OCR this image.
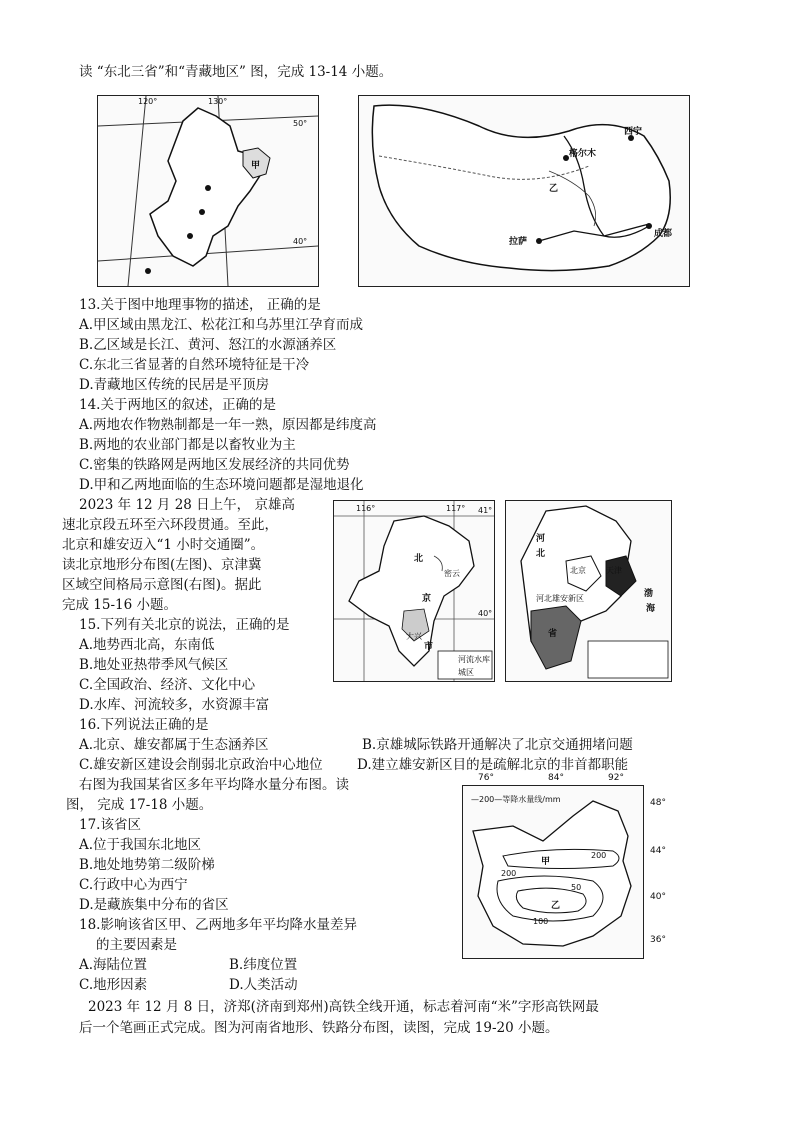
读 “东北三省”和“青藏地区” 图，完成 13-14 小题。
120°	130°
50°
40°
甲
格尔木
拉萨
成都
乙
西宁
13.关于图中地理事物的描述， 正确的是
A.甲区域由黑龙江、松花江和乌苏里江孕育而成
B.乙区域是长江、黄河、怒江的水源涵养区
C.东北三省显著的自然环境特征是干冷
D.青藏地区传统的民居是平顶房
14.关于两地区的叙述，正确的是
A.两地农作物熟制都是一年一熟，原因都是纬度高
B.两地的农业部门都是以畜牧业为主
C.密集的铁路网是两地区发展经济的共同优势
D.甲和乙两地面临的生态环境问题都是湿地退化
2023 年 12 月 28 日上午， 京雄高
速北京段五环至六环段贯通。至此，
北京和雄安迈入“1 小时交通圈”。
读北京地形分布图(左图)、京津冀
区域空间格局示意图(右图)。据此
完成 15-16 小题。
116°	117° 41°
40°
北
京
市
密云
大兴
河流水库
城区
河
北
北京	天津
渤
海
河北雄安新区
省
15.下列有关北京的说法，正确的是
A.地势西北高，东南低
B.地处亚热带季风气候区
C.全国政治、经济、文化中心
D.水库、河流较多，水资源丰富
16.下列说法正确的是
A.北京、雄安都属于生态涵养区	B.京雄城际铁路开通解决了北京交通拥堵问题
C.雄安新区建设会削弱北京政治中心地位	D.建立雄安新区目的是疏解北京的非首都职能
右图为我国某省区多年平均降水量分布图。读
图， 完成 17-18 小题。	—200—等降水量线/mm
甲
乙
200
50
100
200
76°	84°	92°
48°
44°
40°
36°
17.该省区
A.位于我国东北地区
B.地处地势第二级阶梯
C.行政中心为西宁
D.是藏族集中分布的省区
18.影响该省区甲、乙两地多年平均降水量差异
的主要因素是
A.海陆位置	B.纬度位置
C.地形因素	D.人类活动
2023 年 12 月 8 日，济郑(济南到郑州)高铁全线开通，标志着河南“米”字形高铁网最
后一个笔画正式完成。图为河南省地形、铁路分布图，读图，完成 19-20 小题。
